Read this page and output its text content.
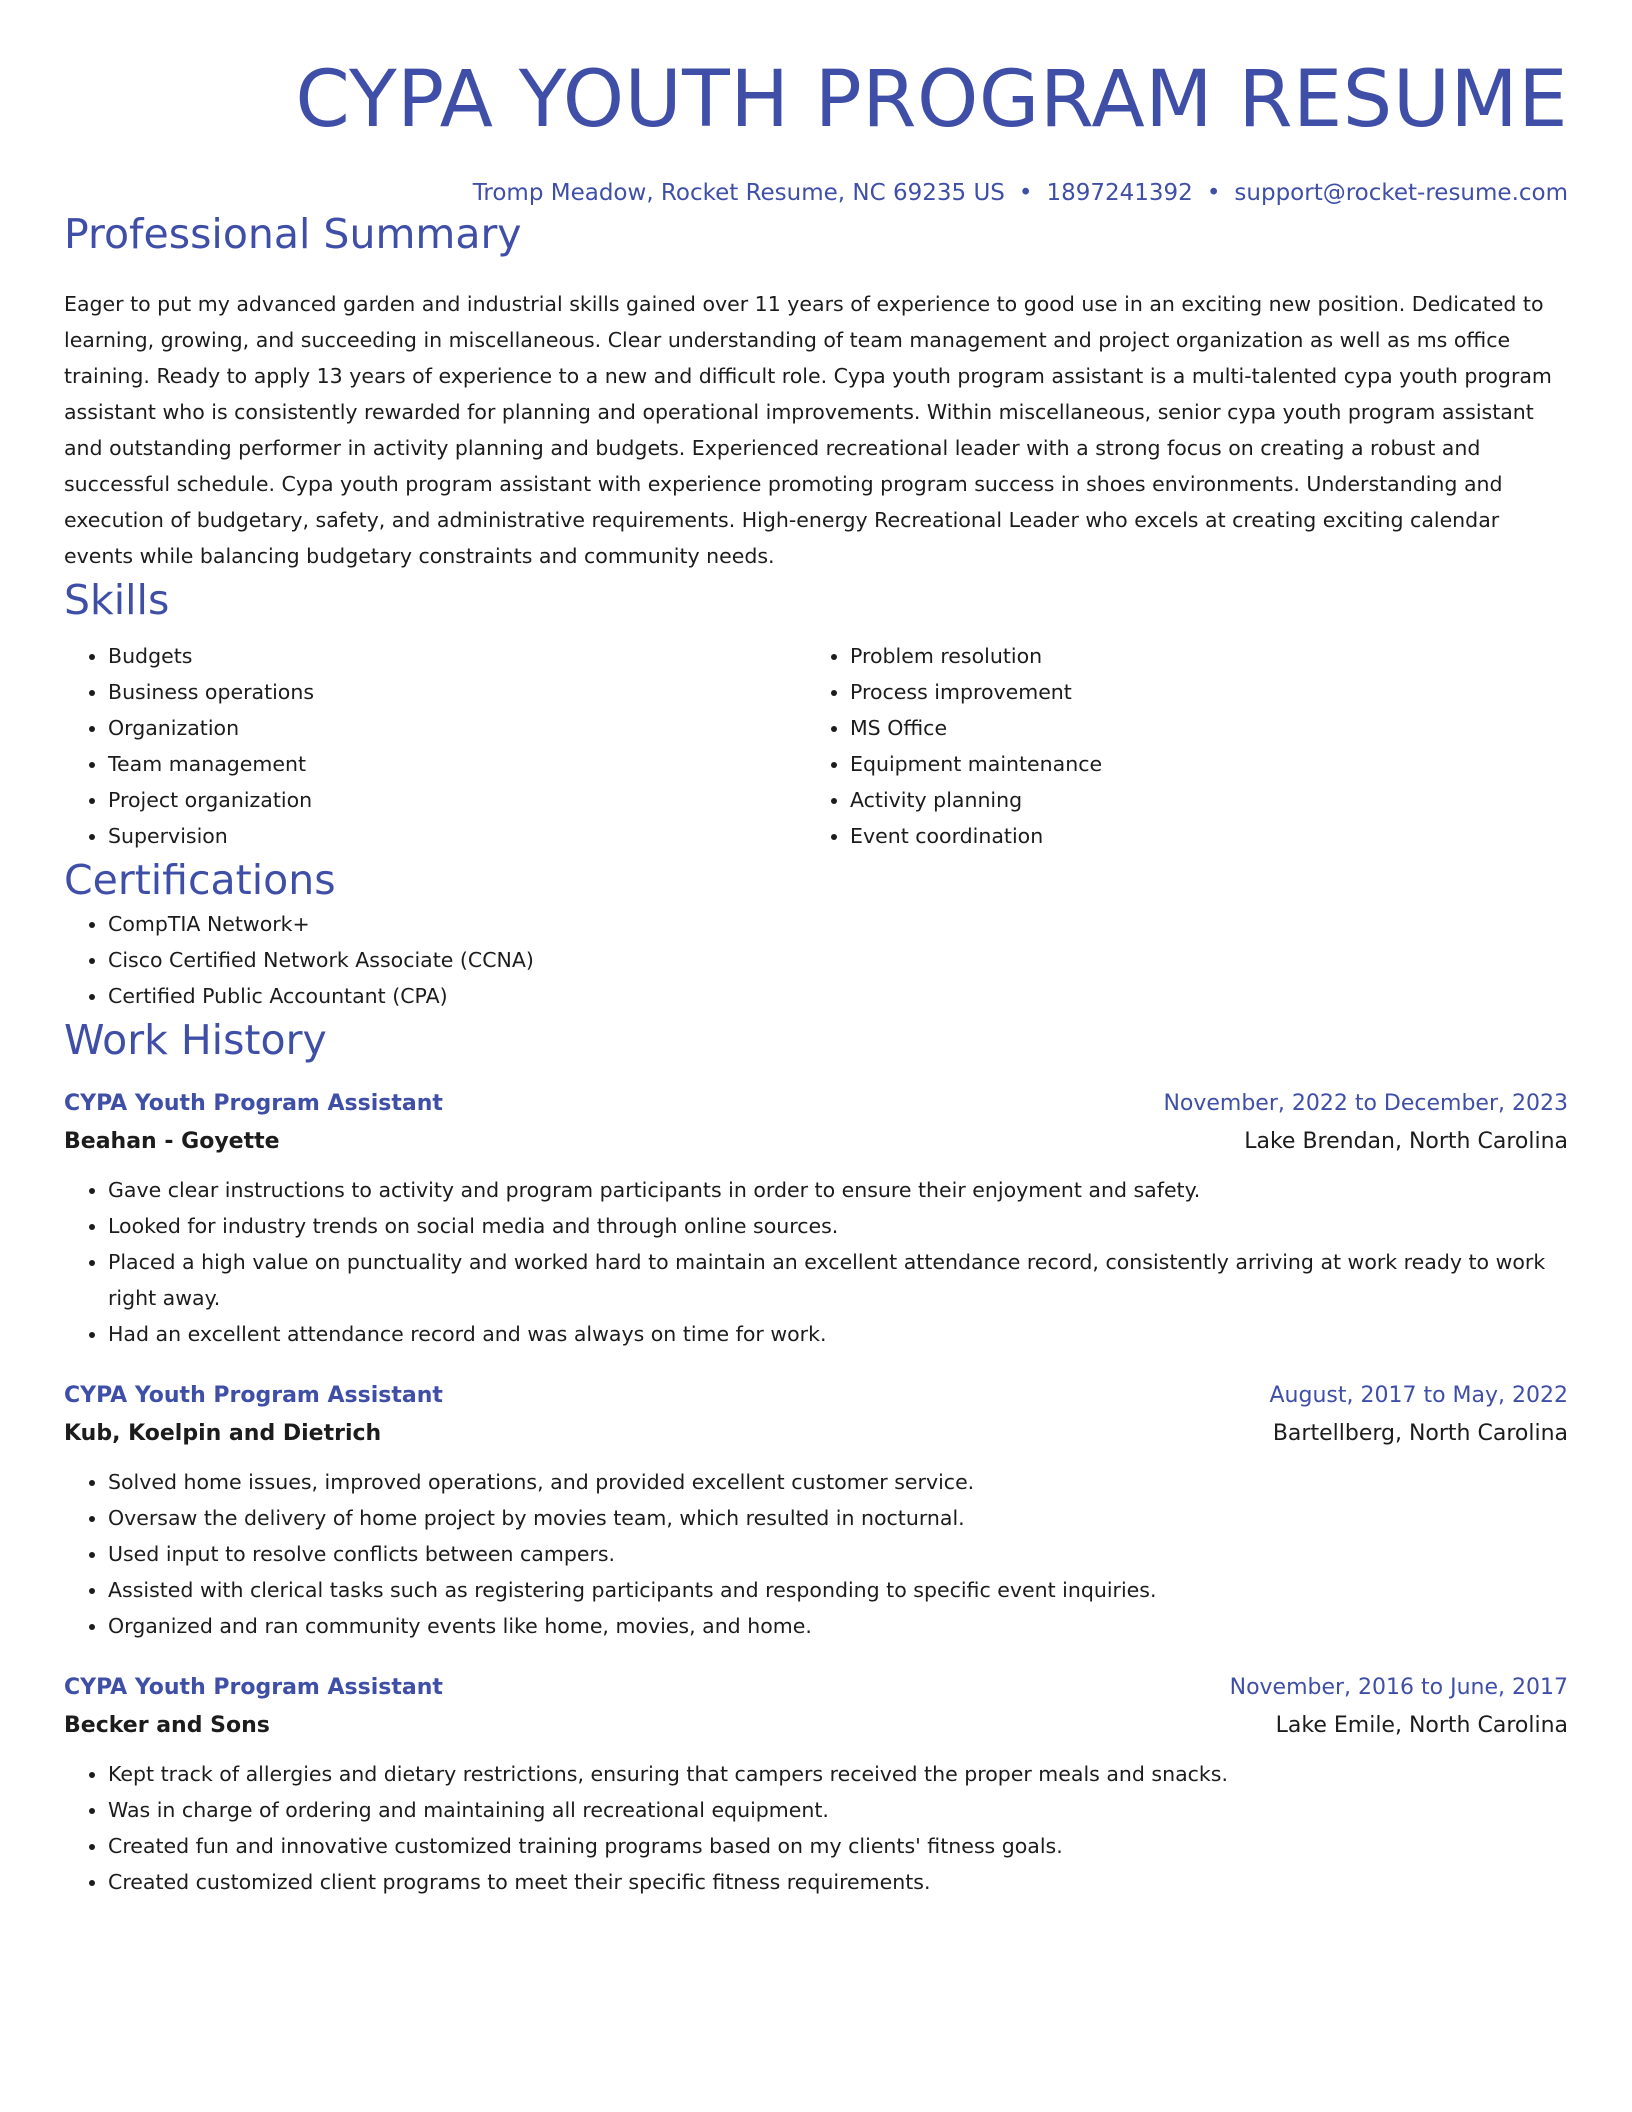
CYPA YOUTH PROGRAM RESUME
Tromp Meadow, Rocket Resume, NC 69235 US • 1897241392 • support@rocket-resume.com
Professional Summary

Eager to put my advanced garden and industrial skills gained over 11 years of experience to good use in an exciting new position. Dedicated to learning, growing, and succeeding in miscellaneous. Clear understanding of team management and project organization as well as ms office training. Ready to apply 13 years of experience to a new and difficult role. Cypa youth program assistant is a multi-talented cypa youth program assistant who is consistently rewarded for planning and operational improvements. Within miscellaneous, senior cypa youth program assistant and outstanding performer in activity planning and budgets. Experienced recreational leader with a strong focus on creating a robust and successful schedule. Cypa youth program assistant with experience promoting program success in shoes environments. Understanding and execution of budgetary, safety, and administrative requirements. High-energy Recreational Leader who excels at creating exciting calendar events while balancing budgetary constraints and community needs.

Skills
• Budgets
• Business operations
• Organization
• Team management
• Project organization
• Supervision
• Problem resolution
• Process improvement
• MS Office
• Equipment maintenance
• Activity planning
• Event coordination
Certifications
• CompTIA Network+
• Cisco Certified Network Associate (CCNA)
• Certified Public Accountant (CPA)
Work History
CYPA Youth Program Assistant	November, 2022 to December, 2023
Beahan - Goyette	Lake Brendan, North Carolina
• Gave clear instructions to activity and program participants in order to ensure their enjoyment and safety.
• Looked for industry trends on social media and through online sources.
• Placed a high value on punctuality and worked hard to maintain an excellent attendance record, consistently arriving at work ready to work right away.
• Had an excellent attendance record and was always on time for work.
CYPA Youth Program Assistant	August, 2017 to May, 2022
Kub, Koelpin and Dietrich	Bartellberg, North Carolina
• Solved home issues, improved operations, and provided excellent customer service.
• Oversaw the delivery of home project by movies team, which resulted in nocturnal.
• Used input to resolve conflicts between campers.
• Assisted with clerical tasks such as registering participants and responding to specific event inquiries.
• Organized and ran community events like home, movies, and home.
CYPA Youth Program Assistant	November, 2016 to June, 2017
Becker and Sons	Lake Emile, North Carolina
• Kept track of allergies and dietary restrictions, ensuring that campers received the proper meals and snacks.
• Was in charge of ordering and maintaining all recreational equipment.
• Created fun and innovative customized training programs based on my clients' fitness goals.
• Created customized client programs to meet their specific fitness requirements.
